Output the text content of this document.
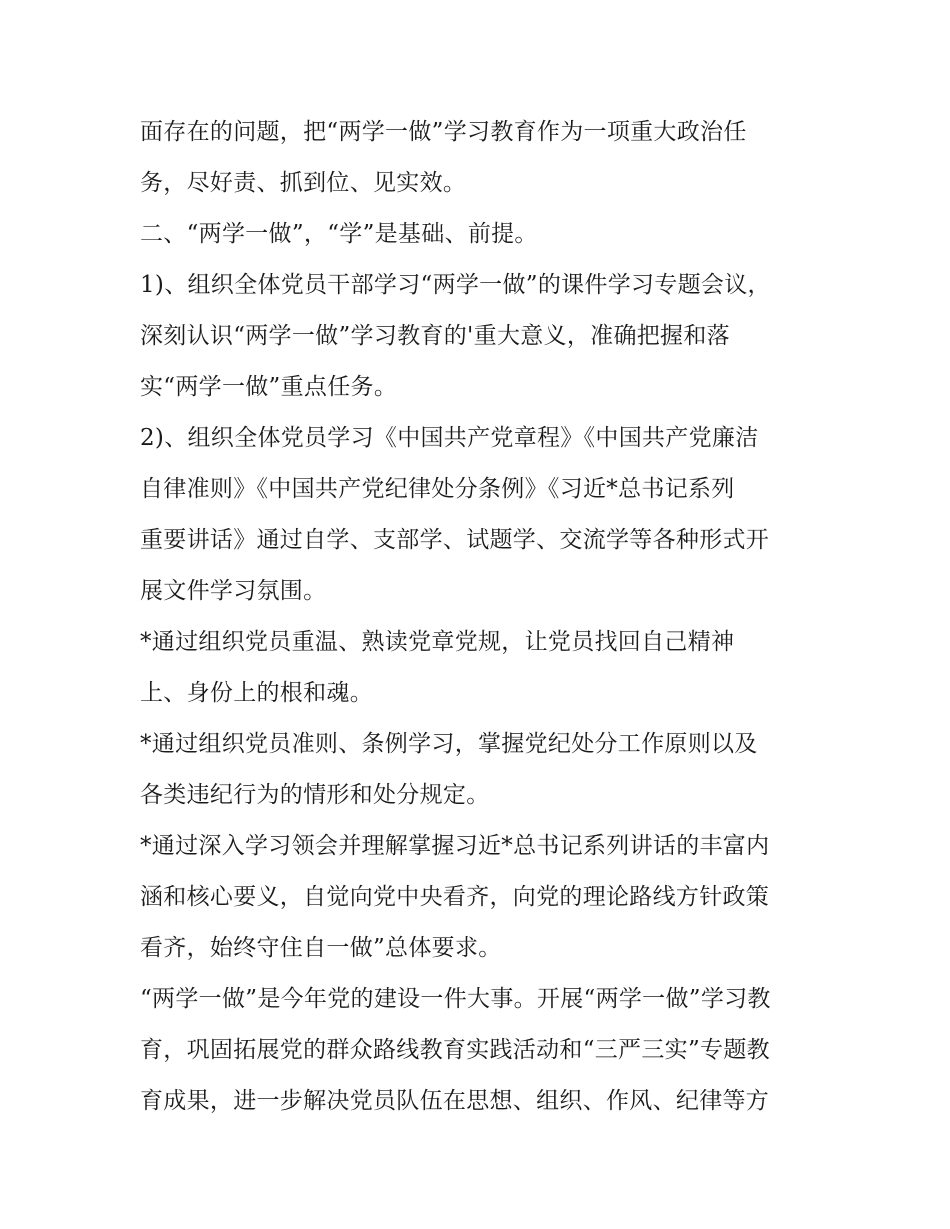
面存在的问题，把“两学一做”学习教育作为一项重大政治任
务，尽好责、抓到位、见实效。
二、“两学一做”，“学”是基础、前提。
1)、组织全体党员干部学习“两学一做”的课件学习专题会议，
深刻认识“两学一做”学习教育的'重大意义，准确把握和落
实“两学一做”重点任务。
2)、组织全体党员学习《中国共产党章程》《中国共产党廉洁
自律准则》《中国共产党纪律处分条例》《习近*总书记系列
重要讲话》通过自学、支部学、试题学、交流学等各种形式开
展文件学习氛围。
*通过组织党员重温、熟读党章党规，让党员找回自己精神
上、身份上的根和魂。
*通过组织党员准则、条例学习，掌握党纪处分工作原则以及
各类违纪行为的情形和处分规定。
*通过深入学习领会并理解掌握习近*总书记系列讲话的丰富内
涵和核心要义，自觉向党中央看齐，向党的理论路线方针政策
看齐，始终守住自一做”总体要求。
“两学一做”是今年党的建设一件大事。开展“两学一做”学习教
育，巩固拓展党的群众路线教育实践活动和“三严三实”专题教
育成果，进一步解决党员队伍在思想、组织、作风、纪律等方
